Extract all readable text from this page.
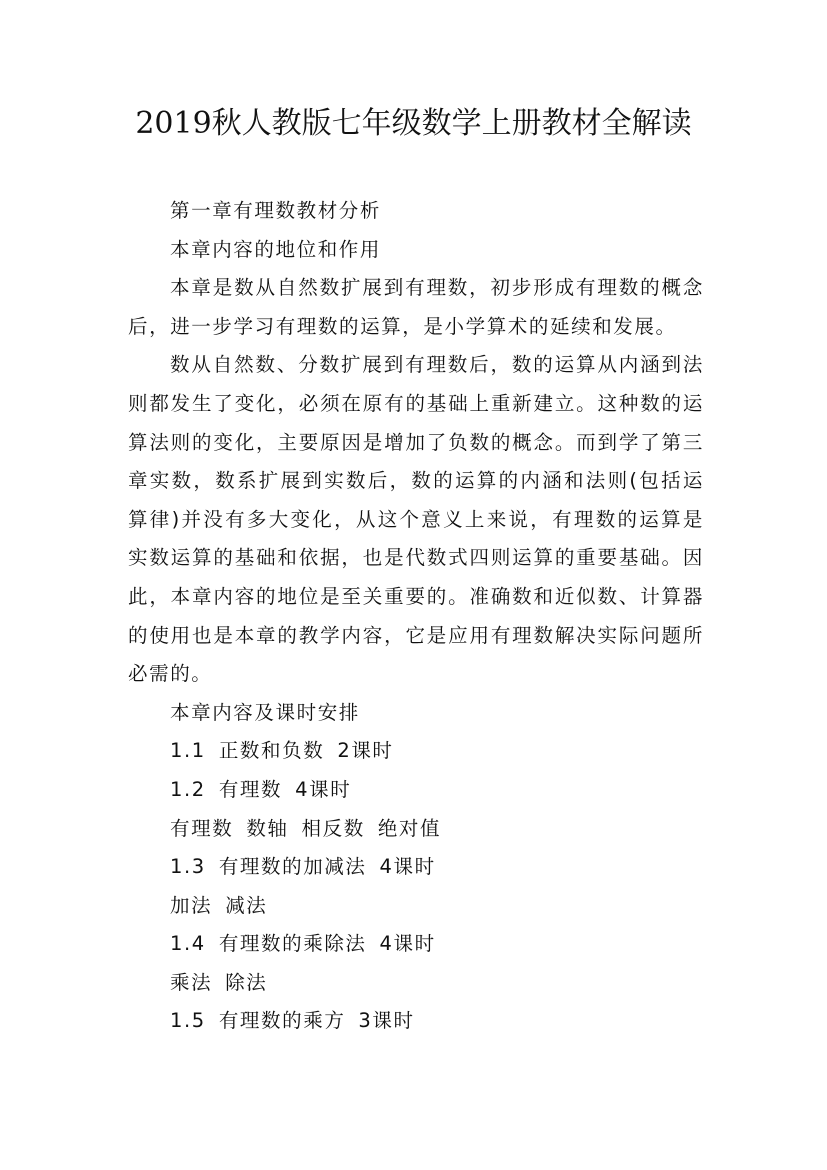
2019秋人教版七年级数学上册教材全解读

第一章有理数教材分析

本章内容的地位和作用

本章是数从自然数扩展到有理数，初步形成有理数的概念后，进一步学习有理数的运算，是小学算术的延续和发展。

数从自然数、分数扩展到有理数后，数的运算从内涵到法则都发生了变化，必须在原有的基础上重新建立。这种数的运算法则的变化，主要原因是增加了负数的概念。而到学了第三章实数，数系扩展到实数后，数的运算的内涵和法则(包括运算律)并没有多大变化，从这个意义上来说，有理数的运算是实数运算的基础和依据，也是代数式四则运算的重要基础。因此，本章内容的地位是至关重要的。准确数和近似数、计算器的使用也是本章的教学内容，它是应用有理数解决实际问题所必需的。

本章内容及课时安排

1.1 正数和负数 2课时

1.2 有理数 4课时

有理数 数轴 相反数 绝对值

1.3 有理数的加减法 4课时

加法 减法

1.4 有理数的乘除法 4课时

乘法 除法

1.5 有理数的乘方 3课时
